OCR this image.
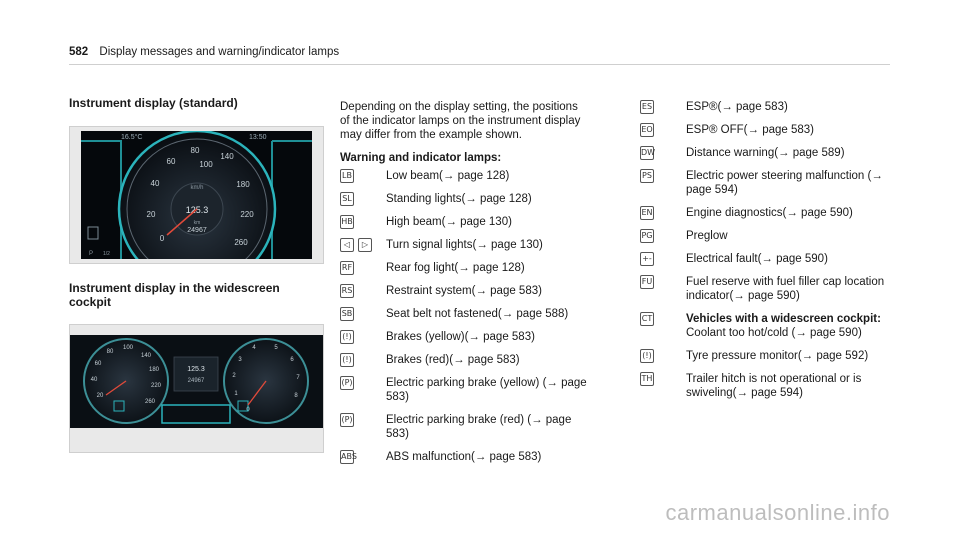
582 Display messages and warning/indicator lamps

Instrument display (standard)

16.5°C	13:50
0
20
40
60
80
100
140
180
220
260
km/h
125.3
km
24967
P 1/2

Instrument display in the widescreen cockpit

20
40
60
80
100
140
180
220
260
0
1
2
3
4	5
6
7
8
125.3
24967

Depending on the display setting, the positions of the indicator lamps on the instrument display may differ from the example shown.

Warning and indicator lamps:

LB	Low beam(→ page 128)
SL	Standing lights(→ page 128)
HB	High beam(→ page 130)
◁	▷	Turn signal lights(→ page 130)
RF	Rear fog light(→ page 128)
RS	Restraint system(→ page 583)
SB	Seat belt not fastened(→ page 588)
(!)	Brakes (yellow)(→ page 583)
(!)	Brakes (red)(→ page 583)
(P)	Electric parking brake (yellow) (→ page 583)
(P)	Electric parking brake (red) (→ page 583)
ABS	ABS malfunction(→ page 583)
ES	ESP®(→ page 583)
EO	ESP® OFF(→ page 583)
DW	Distance warning(→ page 589)
PS	Electric power steering malfunction (→ page 594)
EN	Engine diagnostics(→ page 590)
PG	Preglow
+-	Electrical fault(→ page 590)
FU	Fuel reserve with fuel filler cap location indicator(→ page 590)
CT	Vehicles with a widescreen cockpit: Coolant too hot/cold (→ page 590)
(!)	Tyre pressure monitor(→ page 592)
TH	Trailer hitch is not operational or is swiveling(→ page 594)
carmanualsonline.info
